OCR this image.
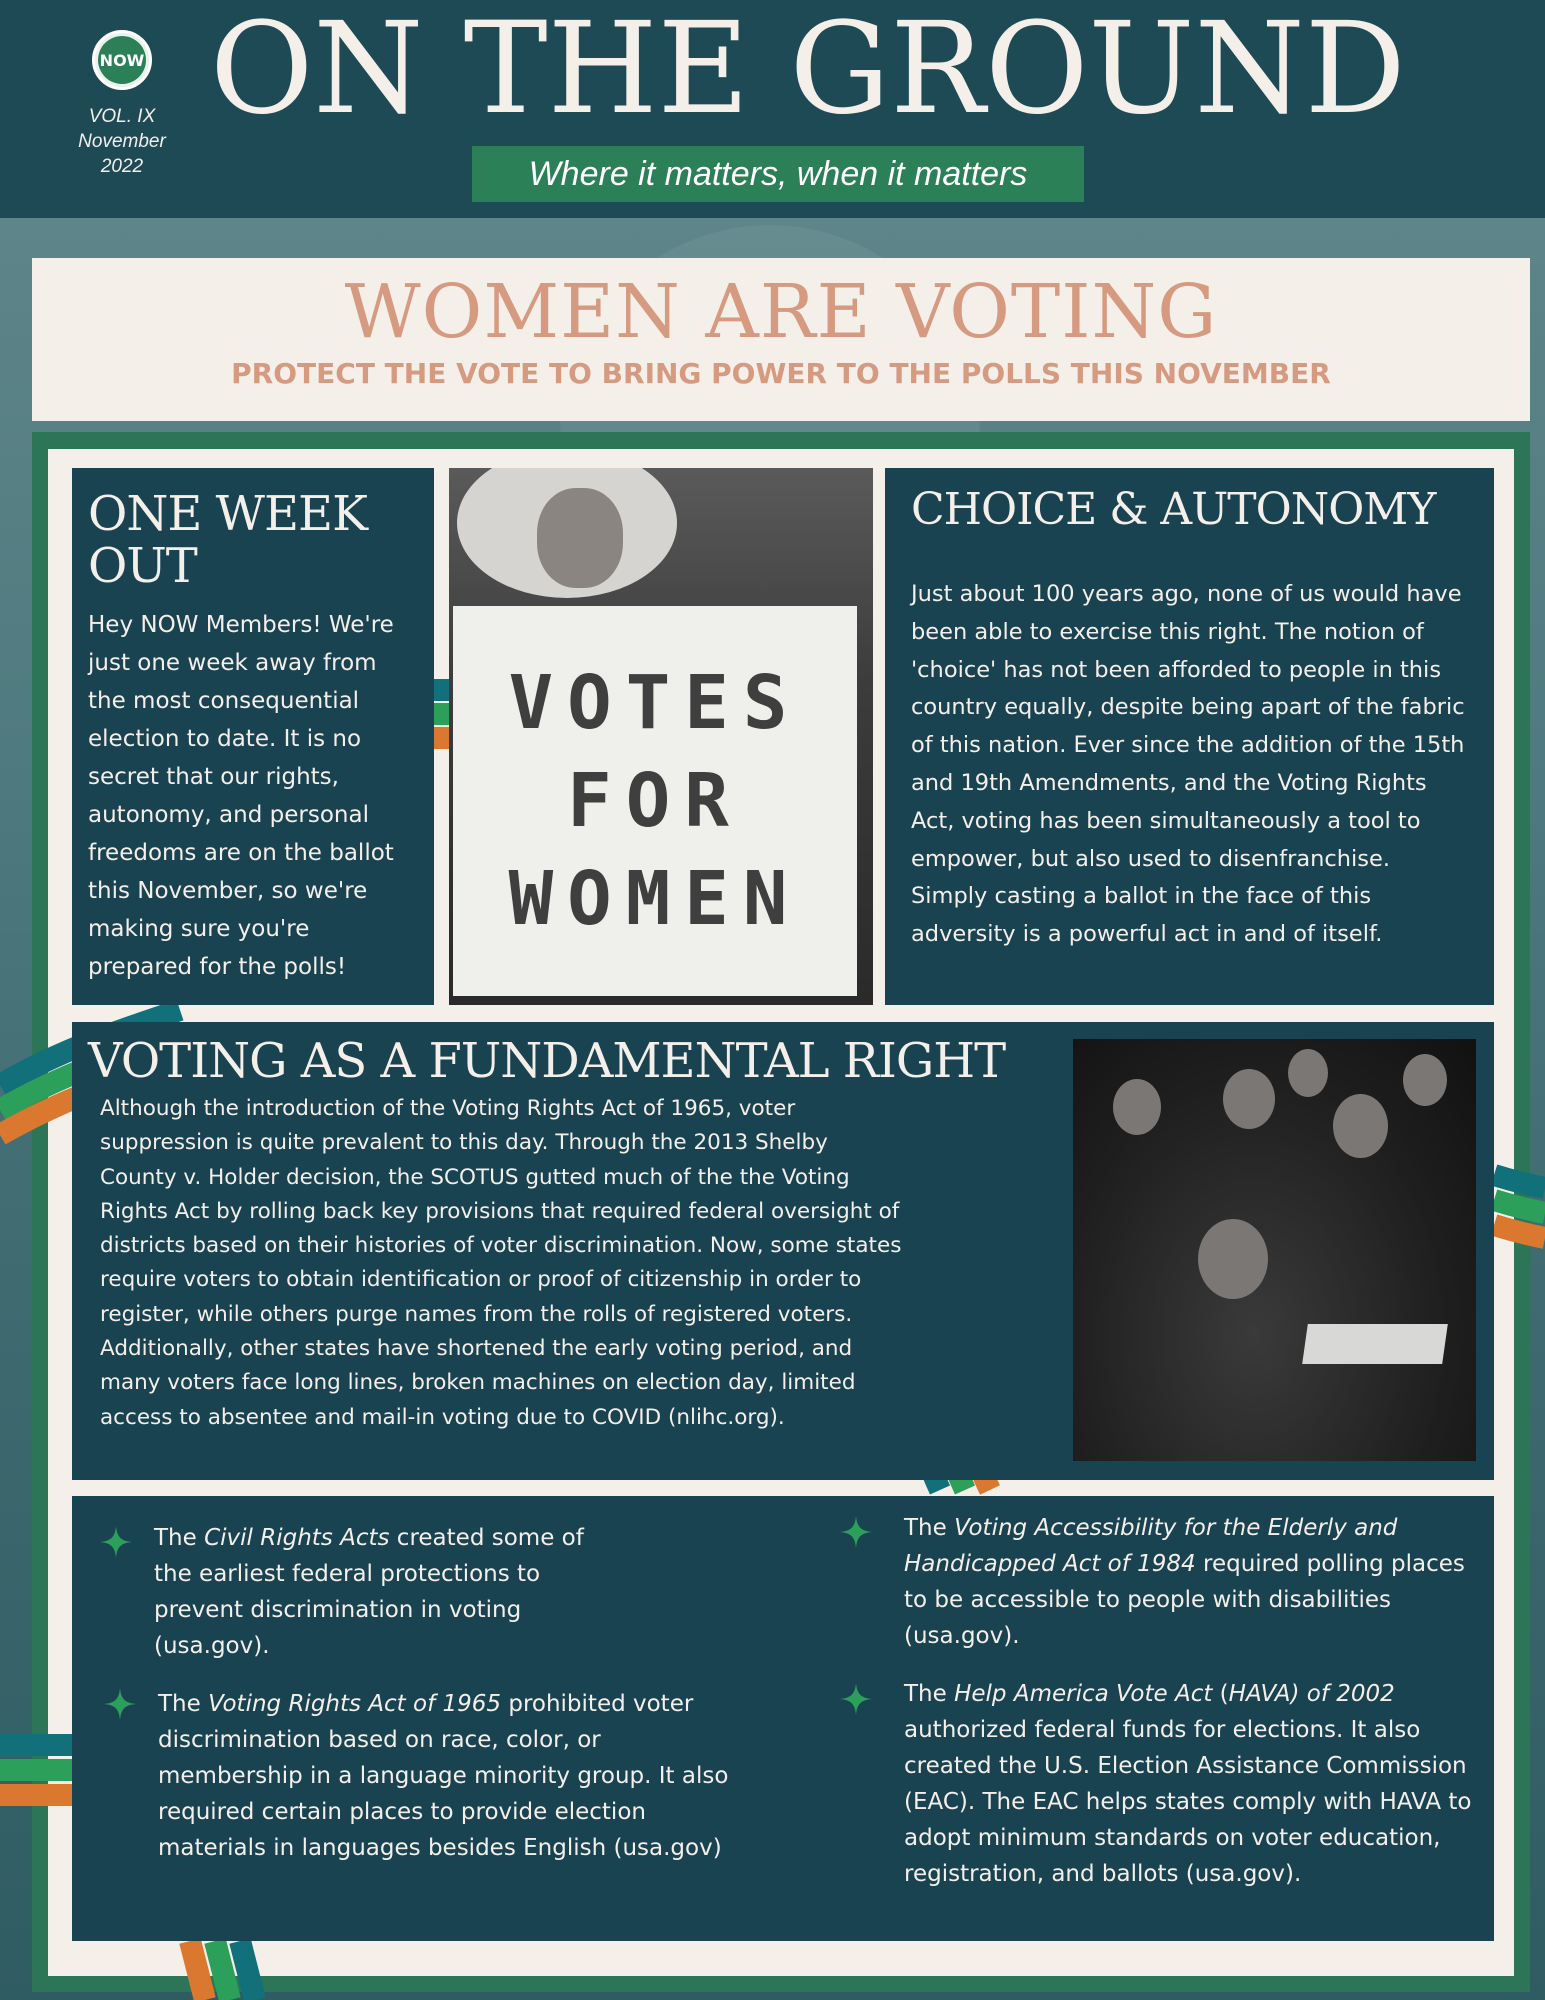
NOW
VOL. IX
November
2022
ON THE GROUND
Where it matters, when it matters
WOMEN ARE VOTING
PROTECT THE VOTE TO BRING POWER TO THE POLLS THIS NOVEMBER
ONE WEEK OUT

Hey NOW Members! We're just one week away from the most consequential election to date. It is no secret that our rights, autonomy, and personal freedoms are on the ballot this November, so we're making sure you're prepared for the polls!

VOTES
FOR
WOMEN
CHOICE & AUTONOMY

Just about 100 years ago, none of us would have been able to exercise this right. The notion of 'choice' has not been afforded to people in this country equally, despite being apart of the fabric of this nation. Ever since the addition of the 15th and 19th Amendments, and the Voting Rights Act, voting has been simultaneously a tool to empower, but also used to disenfranchise. Simply casting a ballot in the face of this adversity is a powerful act in and of itself.

VOTING AS A FUNDAMENTAL RIGHT

Although the introduction of the Voting Rights Act of 1965, voter suppression is quite prevalent to this day. Through the 2013 Shelby County v. Holder decision, the SCOTUS gutted much of the the Voting Rights Act by rolling back key provisions that required federal oversight of districts based on their histories of voter discrimination. Now, some states require voters to obtain identification or proof of citizenship in order to register, while others purge names from the rolls of registered voters. Additionally, other states have shortened the early voting period, and many voters face long lines, broken machines on election day, limited access to absentee and mail-in voting due to COVID (nlihc.org).

The Civil Rights Acts created some of the earliest federal protections to prevent discrimination in voting (usa.gov).
The Voting Rights Act of 1965 prohibited voter discrimination based on race, color, or membership in a language minority group. It also required certain places to provide election materials in languages besides English (usa.gov)
The Voting Accessibility for the Elderly and Handicapped Act of 1984 required polling places to be accessible to people with disabilities (usa.gov).
The Help America Vote Act (HAVA) of 2002 authorized federal funds for elections. It also created the U.S. Election Assistance Commission (EAC). The EAC helps states comply with HAVA to adopt minimum standards on voter education, registration, and ballots (usa.gov).
